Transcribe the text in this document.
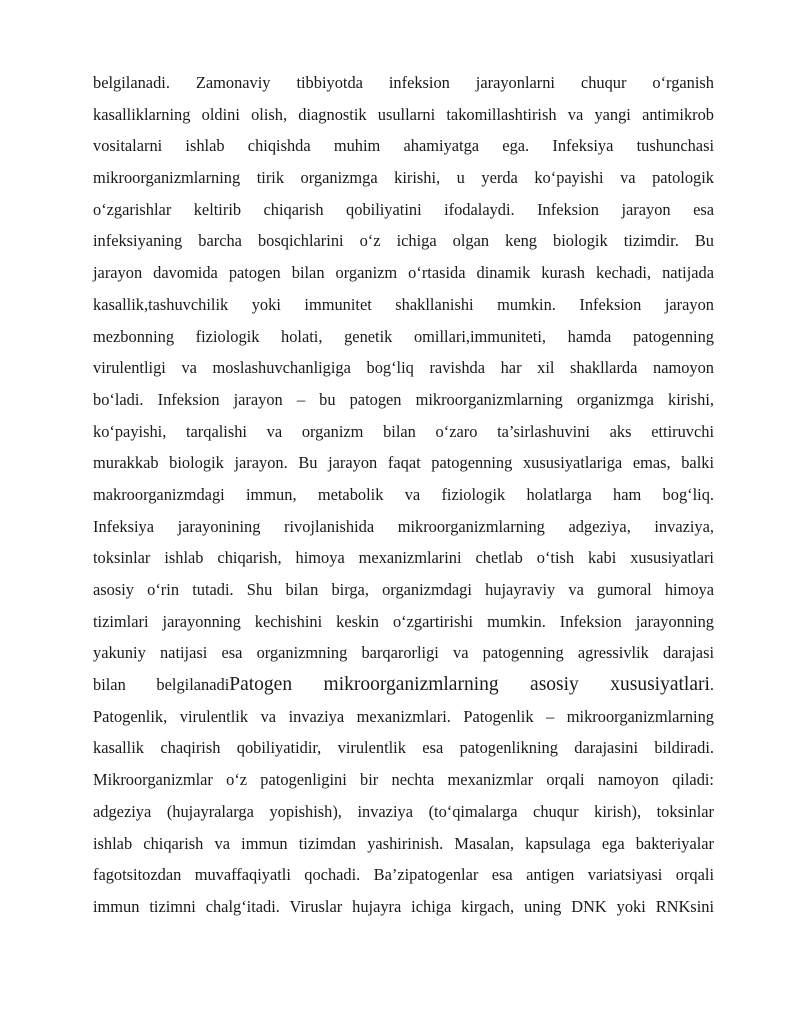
belgilanadi. Zamonaviy tibbiyotda infeksion jarayonlarni chuqur o‘rganish
kasalliklarning oldini olish, diagnostik usullarni takomillashtirish va yangi antimikrob
vositalarni ishlab chiqishda muhim ahamiyatga ega. Infeksiya tushunchasi
mikroorganizmlarning tirik organizmga kirishi, u yerda ko‘payishi va patologik
o‘zgarishlar keltirib chiqarish qobiliyatini ifodalaydi. Infeksion jarayon esa
infeksiyaning barcha bosqichlarini o‘z ichiga olgan keng biologik tizimdir. Bu
jarayon davomida patogen bilan organizm o‘rtasida dinamik kurash kechadi, natijada
kasallik,tashuvchilik yoki immunitet shakllanishi mumkin. Infeksion jarayon
mezbonning fiziologik holati, genetik omillari,immuniteti, hamda patogenning
virulentligi va moslashuvchanligiga bog‘liq ravishda har xil shakllarda namoyon
bo‘ladi. Infeksion jarayon – bu patogen mikroorganizmlarning organizmga kirishi,
ko‘payishi, tarqalishi va organizm bilan o‘zaro ta’sirlashuvini aks ettiruvchi
murakkab biologik jarayon. Bu jarayon faqat patogenning xususiyatlariga emas, balki
makroorganizmdagi immun, metabolik va fiziologik holatlarga ham bog‘liq.
Infeksiya jarayonining rivojlanishida mikroorganizmlarning adgeziya, invaziya,
toksinlar ishlab chiqarish, himoya mexanizmlarini chetlab o‘tish kabi xususiyatlari
asosiy o‘rin tutadi. Shu bilan birga, organizmdagi hujayraviy va gumoral himoya
tizimlari jarayonning kechishini keskin o‘zgartirishi mumkin. Infeksion jarayonning
yakuniy natijasi esa organizmning barqarorligi va patogenning agressivlik darajasi
bilan belgilanadiPatogen mikroorganizmlarning asosiy xususiyatlari.
Patogenlik, virulentlik va invaziya mexanizmlari. Patogenlik – mikroorganizmlarning
kasallik chaqirish qobiliyatidir, virulentlik esa patogenlikning darajasini bildiradi.
Mikroorganizmlar o‘z patogenligini bir nechta mexanizmlar orqali namoyon qiladi:
adgeziya (hujayralarga yopishish), invaziya (to‘qimalarga chuqur kirish), toksinlar
ishlab chiqarish va immun tizimdan yashirinish. Masalan, kapsulaga ega bakteriyalar
fagotsitozdan muvaffaqiyatli qochadi. Ba’zipatogenlar esa antigen variatsiyasi orqali
immun tizimni chalg‘itadi. Viruslar hujayra ichiga kirgach, uning DNK yoki RNKsini
